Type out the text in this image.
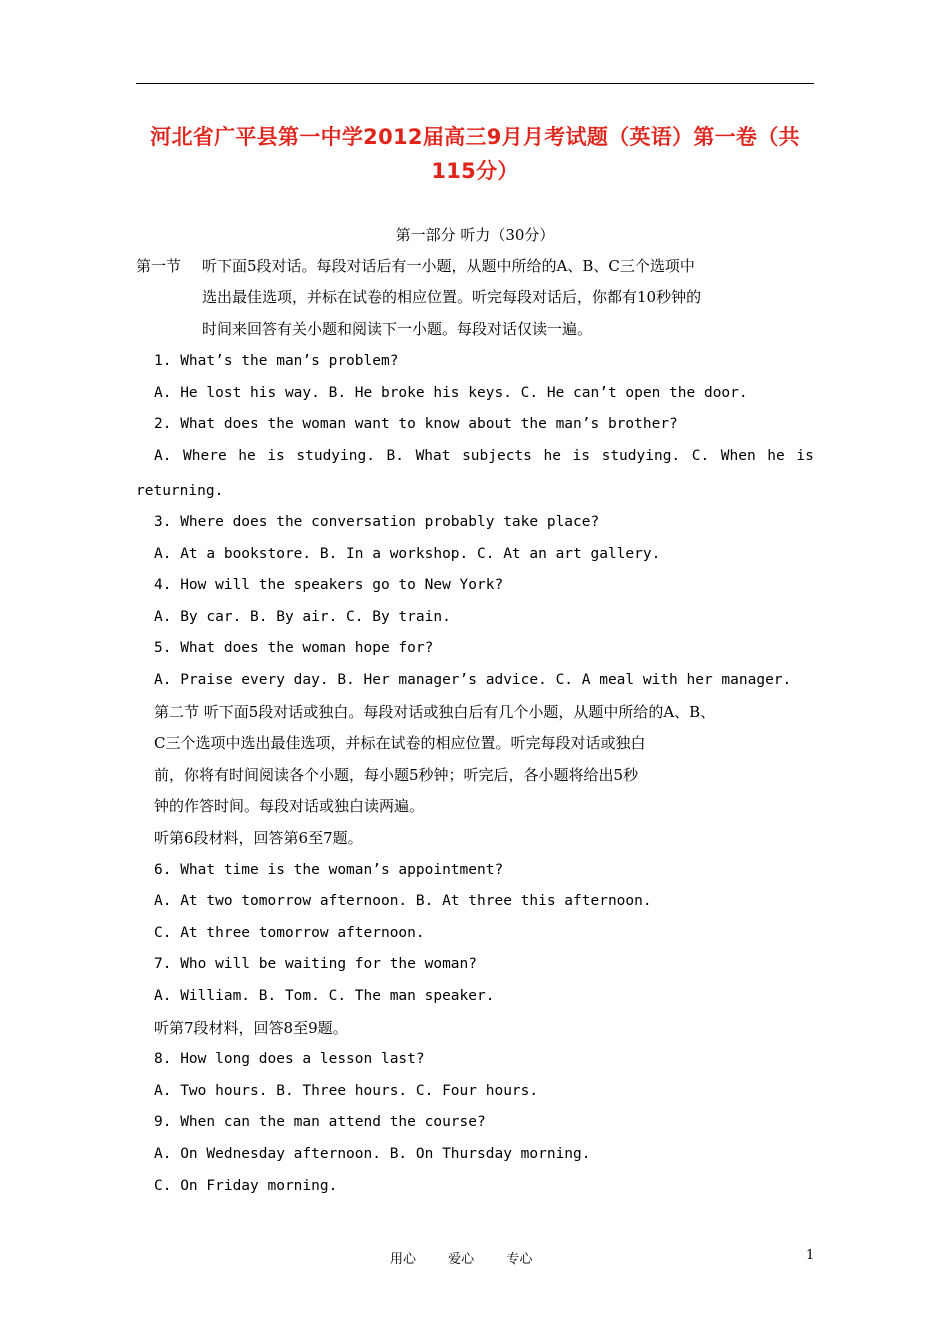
河北省广平县第一中学2012届高三9月月考试题（英语）第一卷（共115分）
第一部分 听力（30分）
第一节 听下面5段对话。每段对话后有一小题，从题中所给的A、B、C三个选项中
选出最佳选项，并标在试卷的相应位置。听完每段对话后，你都有10秒钟的
时间来回答有关小题和阅读下一小题。每段对话仅读一遍。
1. What’s the man’s problem?
A. He lost his way. B. He broke his keys. C. He can’t open the door.
2. What does the woman want to know about the man’s brother?
A. Where he is studying. B. What subjects he is studying. C. When he is
returning.
3. Where does the conversation probably take place?
A. At a bookstore. B. In a workshop. C. At an art gallery.
4. How will the speakers go to New York?
A. By car. B. By air. C. By train.
5. What does the woman hope for?
A. Praise every day. B. Her manager’s advice. C. A meal with her manager.
第二节 听下面5段对话或独白。每段对话或独白后有几个小题，从题中所给的A、B、
C三个选项中选出最佳选项，并标在试卷的相应位置。听完每段对话或独白
前，你将有时间阅读各个小题，每小题5秒钟；听完后，各小题将给出5秒
钟的作答时间。每段对话或独白读两遍。
听第6段材料，回答第6至7题。
6. What time is the woman’s appointment?
A. At two tomorrow afternoon. B. At three this afternoon.
C. At three tomorrow afternoon.
7. Who will be waiting for the woman?
A. William. B. Tom. C. The man speaker.
听第7段材料，回答8至9题。
8. How long does a lesson last?
A. Two hours. B. Three hours. C. Four hours.
9. When can the man attend the course?
A. On Wednesday afternoon. B. On Thursday morning.
C. On Friday morning.
用心 爱心 专心	1
